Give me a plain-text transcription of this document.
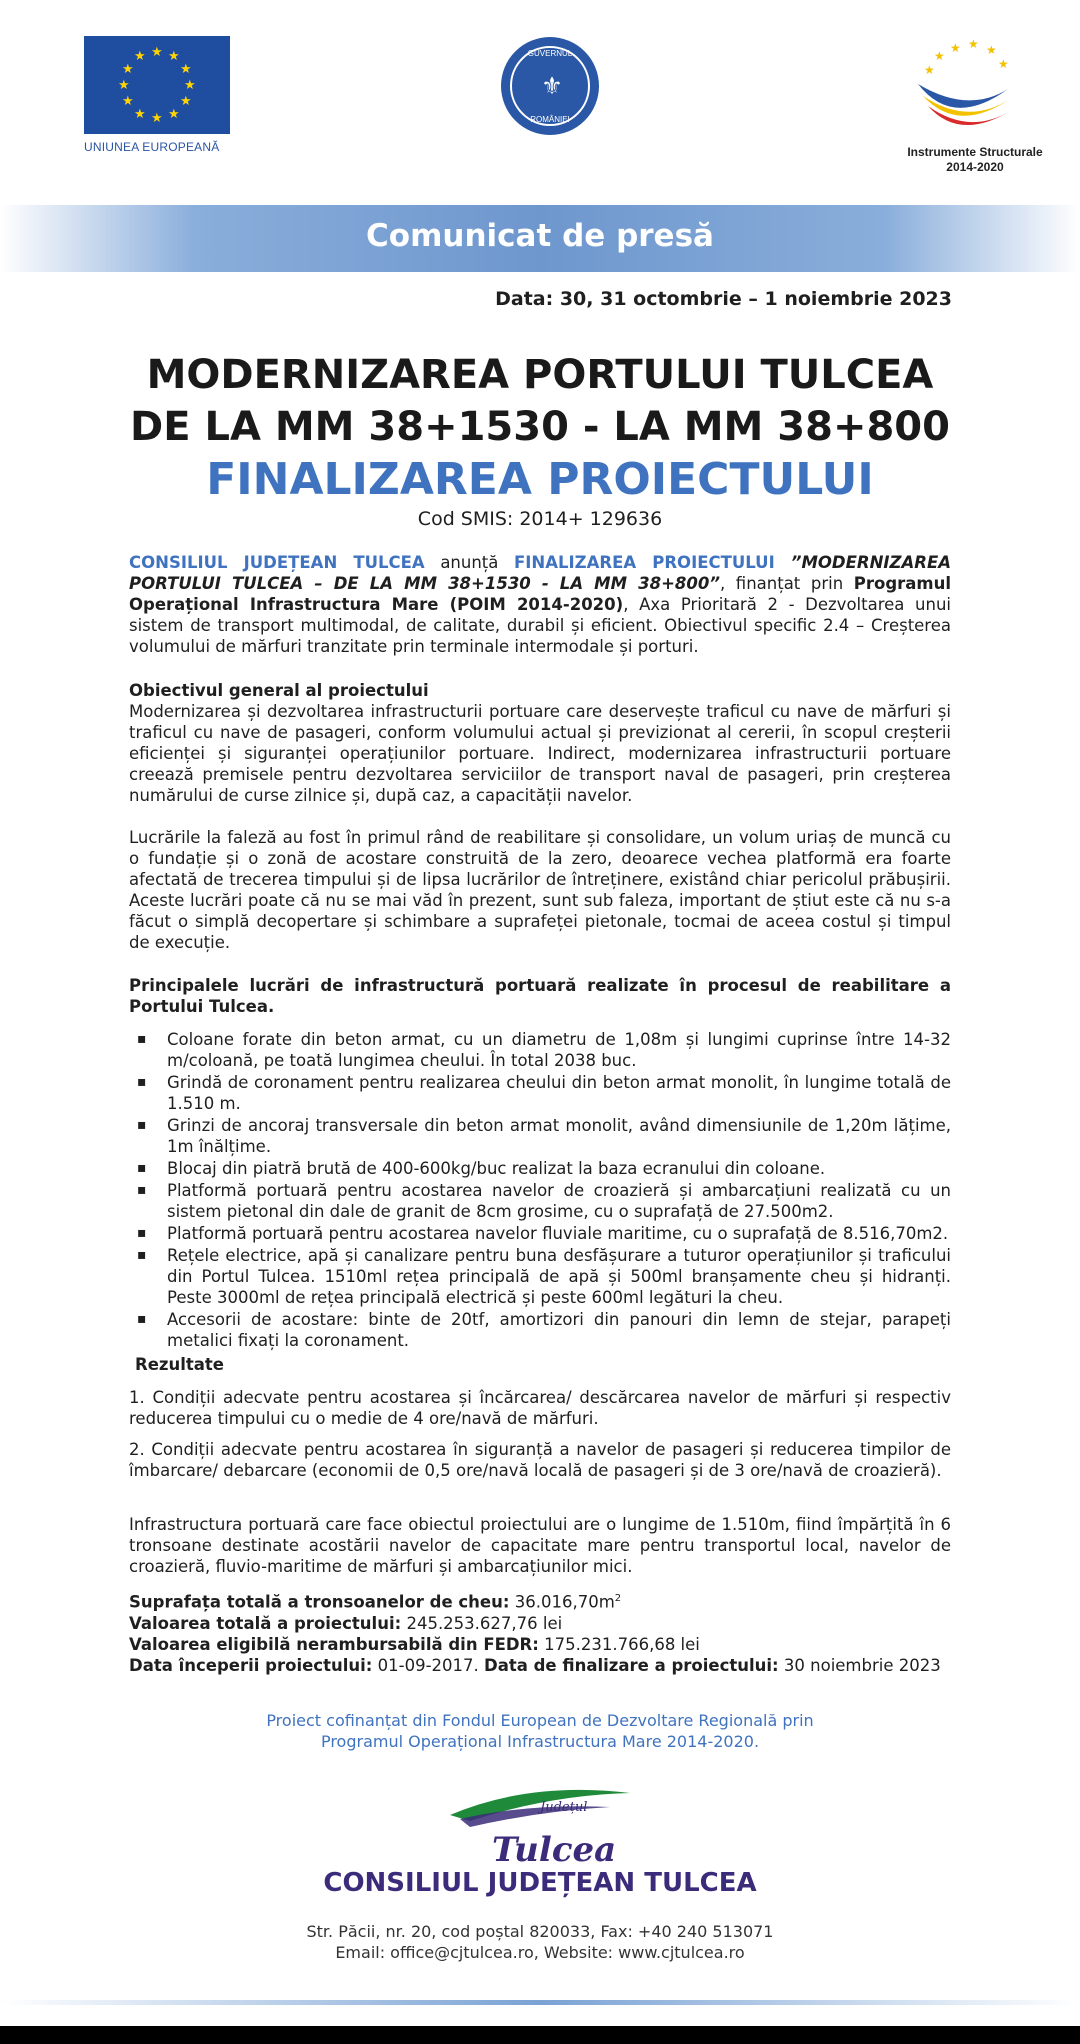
★ ★
★
★
★
★
★
★
★
★
★
★
UNIUNEA EUROPEANĂ
GUVERNUL
⚜
ROMÂNIEI
★ ★ ★
★
★
★
Instrumente Structurale
2014-2020
Comunicat de presă
Data: 30, 31 octombrie – 1 noiembrie 2023
MODERNIZAREA PORTULUI TULCEA
DE LA MM 38+1530 - LA MM 38+800
FINALIZAREA PROIECTULUI
Cod SMIS: 2014+ 129636
CONSILIUL JUDEȚEAN TULCEA anunță FINALIZAREA PROIECTULUI ”MODERNIZAREA PORTULUI TULCEA – DE LA MM 38+1530 - LA MM 38+800”, finanțat prin Programul Operațional Infrastructura Mare (POIM 2014-2020), Axa Prioritară 2 - Dezvoltarea unui sistem de transport multimodal, de calitate, durabil și eficient. Obiectivul specific 2.4 – Creșterea volumului de mărfuri tranzitate prin terminale intermodale și porturi.
Obiectivul general al proiectului
Modernizarea și dezvoltarea infrastructurii portuare care deservește traficul cu nave de mărfuri și traficul cu nave de pasageri, conform volumului actual și previzionat al cererii, în scopul creșterii eficienței și siguranței operațiunilor portuare. Indirect, modernizarea infrastructurii portuare creează premisele pentru dezvoltarea serviciilor de transport naval de pasageri, prin creșterea numărului de curse zilnice și, după caz, a capacității navelor.
Lucrările la faleză au fost în primul rând de reabilitare și consolidare, un volum uriaș de muncă cu o fundație și o zonă de acostare construită de la zero, deoarece vechea platformă era foarte afectată de trecerea timpului și de lipsa lucrărilor de întreținere, existând chiar pericolul prăbușirii. Aceste lucrări poate că nu se mai văd în prezent, sunt sub faleza, important de știut este că nu s-a făcut o simplă decopertare și schimbare a suprafeței pietonale, tocmai de aceea costul și timpul de execuție.
Principalele lucrări de infrastructură portuară realizate în procesul de reabilitare a Portului Tulcea.
▪ Coloane forate din beton armat, cu un diametru de 1,08m și lungimi cuprinse între 14-32 m/coloană, pe toată lungimea cheului. În total 2038 buc.
▪ Grindă de coronament pentru realizarea cheului din beton armat monolit, în lungime totală de 1.510 m.
▪ Grinzi de ancoraj transversale din beton armat monolit, având dimensiunile de 1,20m lățime, 1m înălțime.
▪ Blocaj din piatră brută de 400-600kg/buc realizat la baza ecranului din coloane.
▪ Platformă portuară pentru acostarea navelor de croazieră și ambarcațiuni realizată cu un sistem pietonal din dale de granit de 8cm grosime, cu o suprafață de 27.500m2.
▪ Platformă portuară pentru acostarea navelor fluviale maritime, cu o suprafață de 8.516,70m2.
▪ Rețele electrice, apă și canalizare pentru buna desfășurare a tuturor operațiunilor și traficului din Portul Tulcea. 1510ml rețea principală de apă și 500ml branșamente cheu și hidranți. Peste 3000ml de rețea principală electrică și peste 600ml legături la cheu.
▪ Accesorii de acostare: binte de 20tf, amortizori din panouri din lemn de stejar, parapeți metalici fixați la coronament.
Rezultate
1. Condiții adecvate pentru acostarea și încărcarea/ descărcarea navelor de mărfuri și respectiv reducerea timpului cu o medie de 4 ore/navă de mărfuri.
2. Condiții adecvate pentru acostarea în siguranță a navelor de pasageri și reducerea timpilor de îmbarcare/ debarcare (economii de 0,5 ore/navă locală de pasageri și de 3 ore/navă de croazieră).
Infrastructura portuară care face obiectul proiectului are o lungime de 1.510m, fiind împărțită în 6 tronsoane destinate acostării navelor de capacitate mare pentru transportul local, navelor de croazieră, fluvio-maritime de mărfuri și ambarcațiunilor mici.
Suprafața totală a tronsoanelor de cheu: $36.016,70m^2$
Valoarea totală a proiectului: 245.253.627,76 lei
Valoarea eligibilă nerambursabilă din FEDR: 175.231.766,68 lei
Data începerii proiectului: 01-09-2017. Data de finalizare a proiectului: 30 noiembrie 2023
Proiect cofinanțat din Fondul European de Dezvoltare Regională prin
Programul Operațional Infrastructura Mare 2014-2020.
Județul
Tulcea
CONSILIUL JUDEȚEAN TULCEA
Str. Păcii, nr. 20, cod poștal 820033, Fax: +40 240 513071
Email: office@cjtulcea.ro, Website: www.cjtulcea.ro
